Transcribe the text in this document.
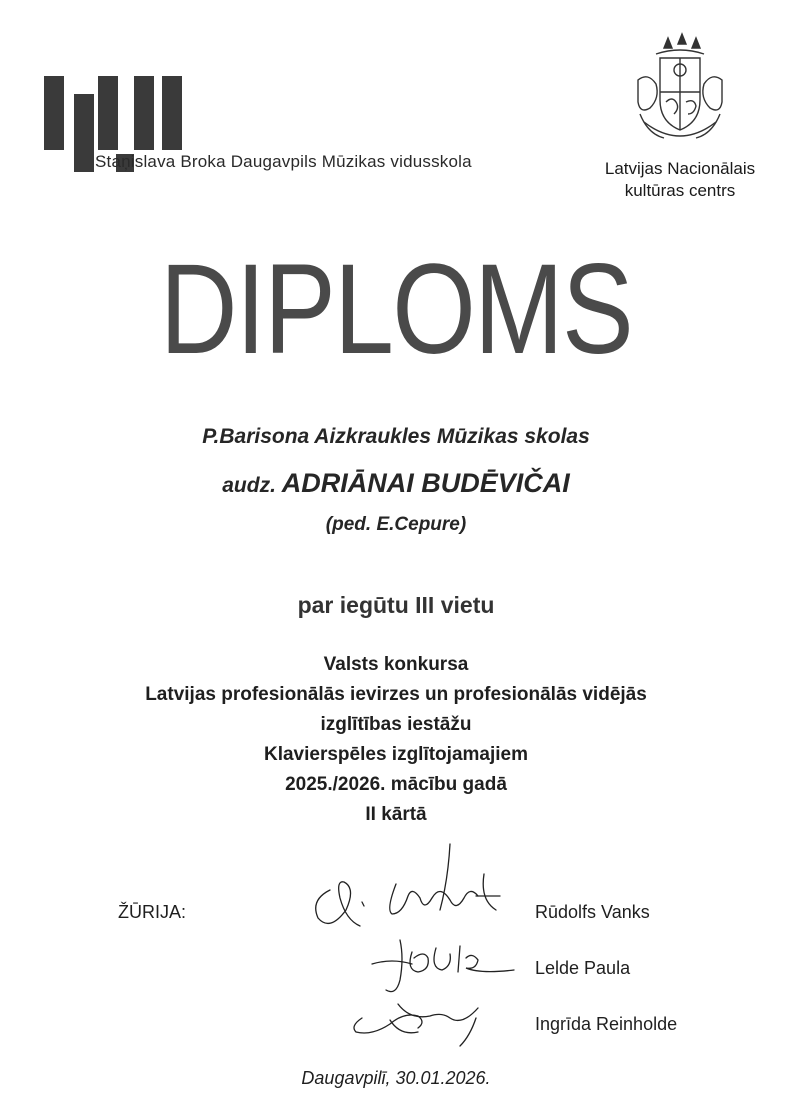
Staņislava Broka Daugavpils Mūzikas vidusskola	Latvijas Nacionālais
kultūras centrs
DIPLOMS
P.Barisona Aizkraukles Mūzikas skolas
audz. ADRIĀNAI BUDĒVIČAI
(ped. E.Cepure)
par iegūtu III vietu
Valsts konkursa
Latvijas profesionālās ievirzes un profesionālās vidējās
izglītības iestāžu
Klavierspēles izglītojamajiem
2025./2026. mācību gadā
II kārtā
ŽŪRIJA:	Rūdolfs Vanks
Lelde Paula
Ingrīda Reinholde
Daugavpilī, 30.01.2026.
